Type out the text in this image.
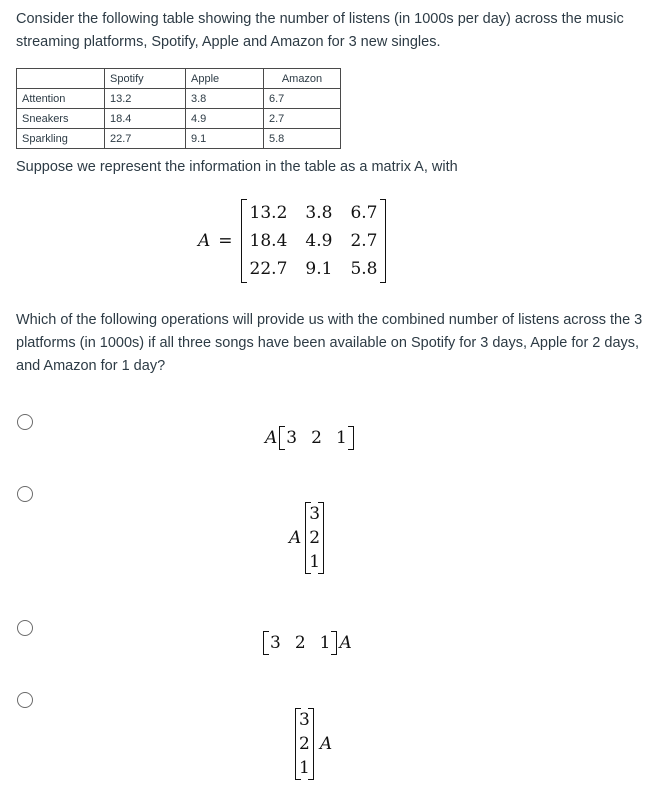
Consider the following table showing the number of listens (in 1000s per day) across the music streaming platforms, Spotify, Apple and Amazon for 3 new singles.

	Spotify	Apple	Amazon
Attention	13.2	3.8	6.7
Sneakers	18.4	4.9	2.7
Sparkling	22.7	9.1	5.8

Suppose we represent the information in the table as a matrix A, with

A =
13.2	3.8	6.7
18.4	4.9	2.7
22.7	9.1	5.8

Which of the following operations will provide us with the combined number of listens across the 3 platforms (in 1000s) if all three songs have been available on Spotify for 3 days, Apple for 2 days, and Amazon for 1 day?

A 3	2	1
A
3
2
1
3	2	1 A
3
2
1
A
